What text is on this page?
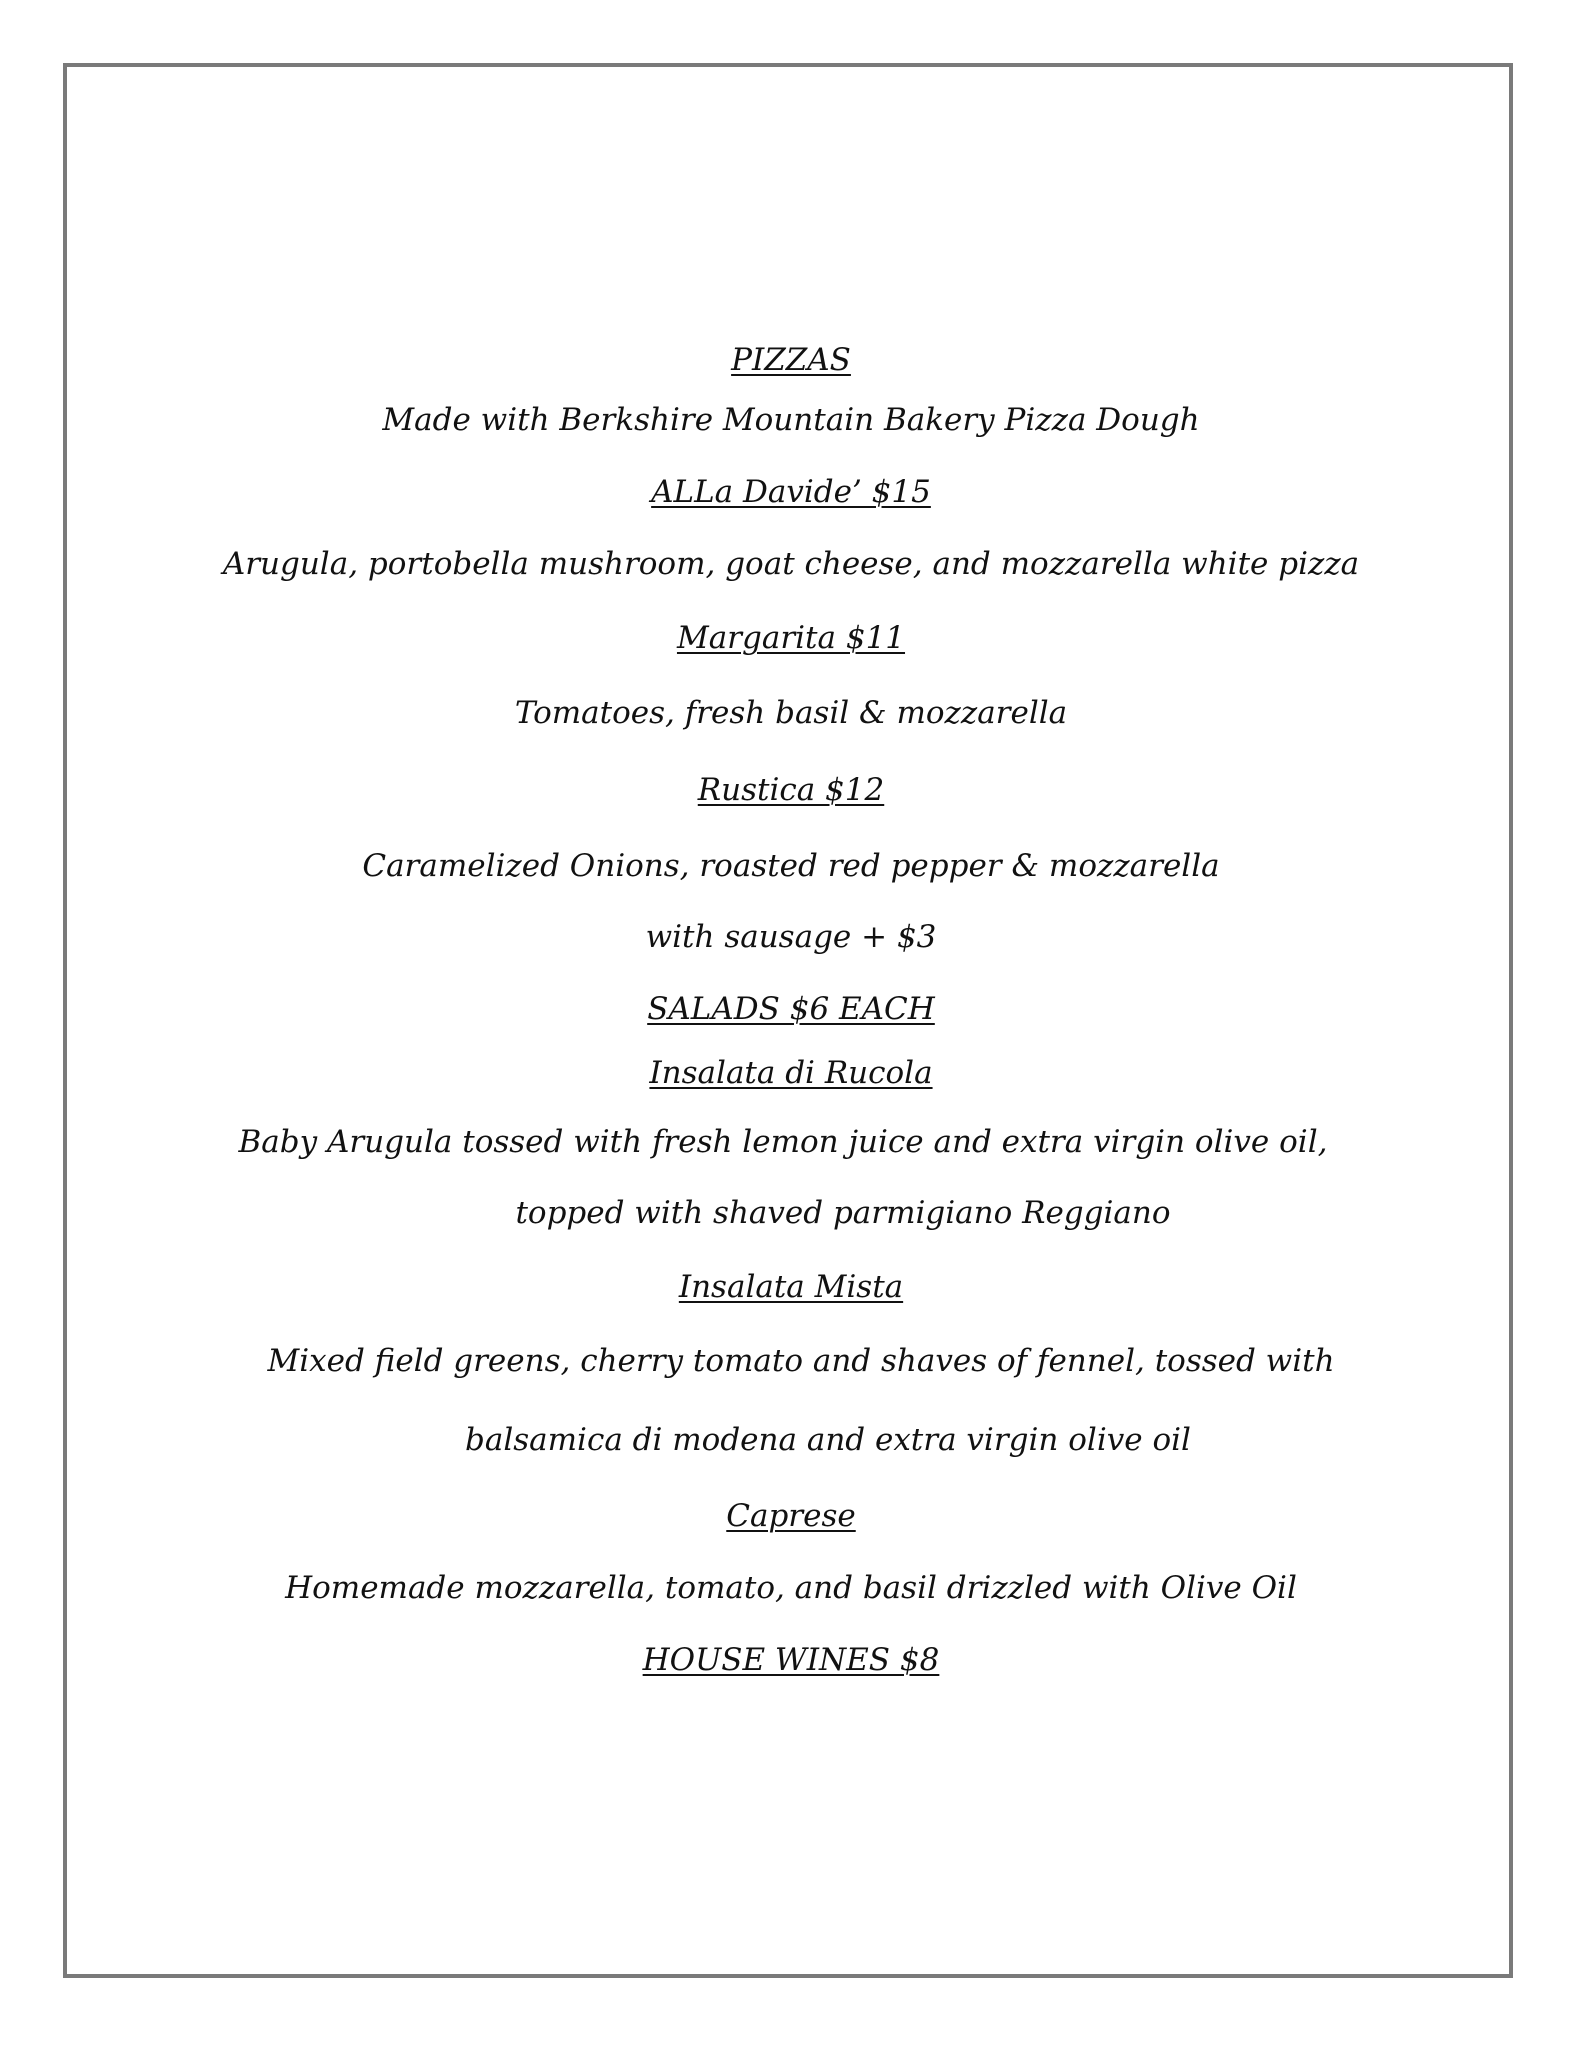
PIZZAS
Made with Berkshire Mountain Bakery Pizza Dough
ALLa Davide’ $15
Arugula, portobella mushroom, goat cheese, and mozzarella white pizza
Margarita $11
Tomatoes, fresh basil & mozzarella
Rustica $12
Caramelized Onions, roasted red pepper & mozzarella
with sausage + $3
SALADS $6 EACH
Insalata di Rucola
Baby Arugula tossed with fresh lemon juice and extra virgin olive oil,
topped with shaved parmigiano Reggiano
Insalata Mista
Mixed field greens, cherry tomato and shaves of fennel, tossed with
balsamica di modena and extra virgin olive oil
Caprese
Homemade mozzarella, tomato, and basil drizzled with Olive Oil
HOUSE WINES $8
